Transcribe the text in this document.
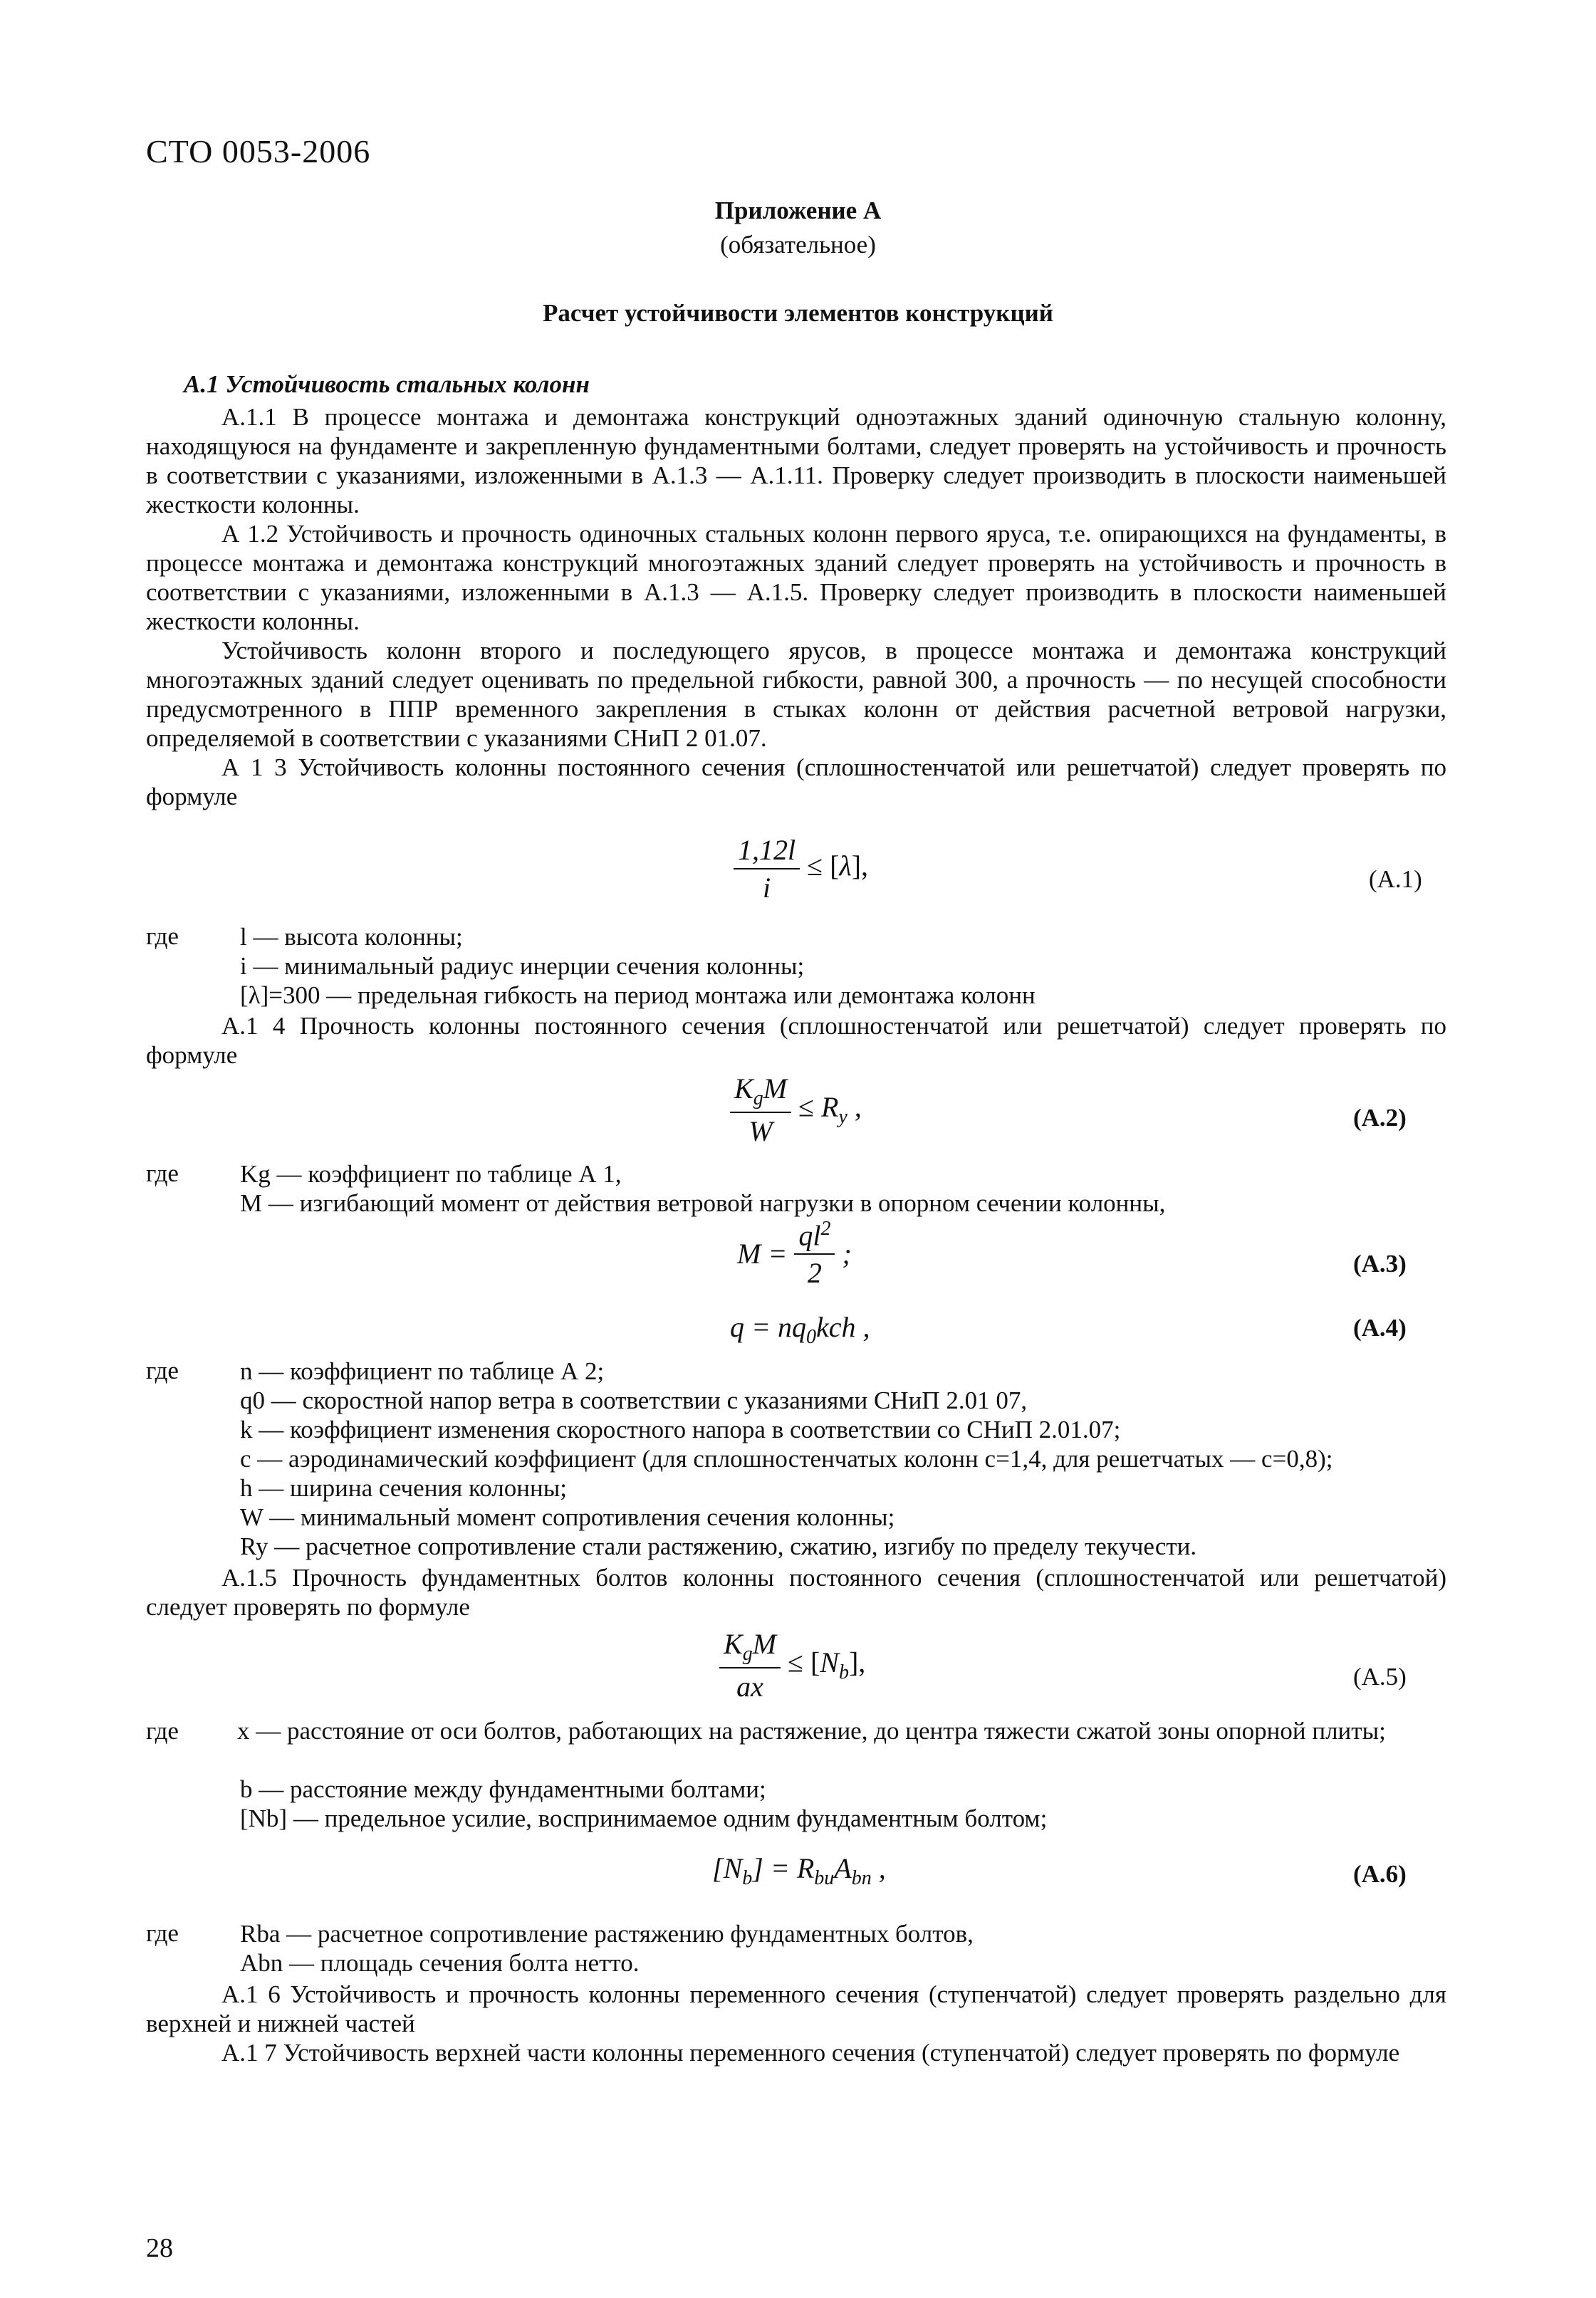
СТО 0053-2006
Приложение А
(обязательное)
Расчет устойчивости элементов конструкций
А.1 Устойчивость стальных колонн

А.1.1 В процессе монтажа и демонтажа конструкций одноэтажных зданий одиночную стальную колонну, находящуюся на фундаменте и закрепленную фундаментными болтами, следует проверять на устойчивость и прочность в соответствии с указаниями, изложенными в А.1.3 — А.1.11. Проверку следует производить в плоскости наименьшей жесткости колонны.

А 1.2 Устойчивость и прочность одиночных стальных колонн первого яруса, т.е. опирающихся на фундаменты, в процессе монтажа и демонтажа конструкций многоэтажных зданий следует проверять на устойчивость и прочность в соответствии с указаниями, изложенными в А.1.3 — А.1.5. Проверку следует производить в плоскости наименьшей жесткости колонны.

Устойчивость колонн второго и последующего ярусов, в процессе монтажа и демонтажа конструкций многоэтажных зданий следует оценивать по предельной гибкости, равной 300, а прочность — по несущей способности предусмотренного в ППР временного закрепления в стыках колонн от действия расчетной ветровой нагрузки, определяемой в соответствии с указаниями СНиП 2 01.07.

А 1 3 Устойчивость колонны постоянного сечения (сплошностенчатой или решетчатой) следует проверять по формуле

$\frac{1,12l}{i} \le [\lambda]$,	(А.1)
где l — высота колонны;
i — минимальный радиус инерции сечения колонны;
[λ]=300 — предельная гибкость на период монтажа или демонтажа колонн

А.1 4 Прочность колонны постоянного сечения (сплошностенчатой или решетчатой) следует проверять по формуле

$\frac{K_gM}{W} \le R_y$ ,	(А.2)
где Kg — коэффициент по таблице А 1,
M — изгибающий момент от действия ветровой нагрузки в опорном сечении колонны,
$M = \frac{ql^2}{2}$ ;	(А.3)
$q = nq_0kch$ ,	(А.4)
где n — коэффициент по таблице А 2;
q0 — скоростной напор ветра в соответствии с указаниями СНиП 2.01 07,
k — коэффициент изменения скоростного напора в соответствии со СНиП 2.01.07;
c — аэродинамический коэффициент (для сплошностенчатых колонн c=1,4, для решетчатых — c=0,8);
h — ширина сечения колонны;
W — минимальный момент сопротивления сечения колонны;
Ry — расчетное сопротивление стали растяжению, сжатию, изгибу по пределу текучести.

А.1.5 Прочность фундаментных болтов колонны постоянного сечения (сплошностенчатой или решетчатой) следует проверять по формуле

$\frac{K_gM}{ax} \le [N_b]$,	(А.5)

где x — расстояние от оси болтов, работающих на растяжение, до центра тяжести сжатой зоны опорной плиты;

b — расстояние между фундаментными болтами;
[Nb] — предельное усилие, воспринимаемое одним фундаментным болтом;
$[N_b] = R_{bu}A_{bn}$ ,	(А.6)
где Rba — расчетное сопротивление растяжению фундаментных болтов,
Abn — площадь сечения болта нетто.

А.1 6 Устойчивость и прочность колонны переменного сечения (ступенчатой) следует проверять раздельно для верхней и нижней частей

А.1 7 Устойчивость верхней части колонны переменного сечения (ступенчатой) следует проверять по формуле

28
